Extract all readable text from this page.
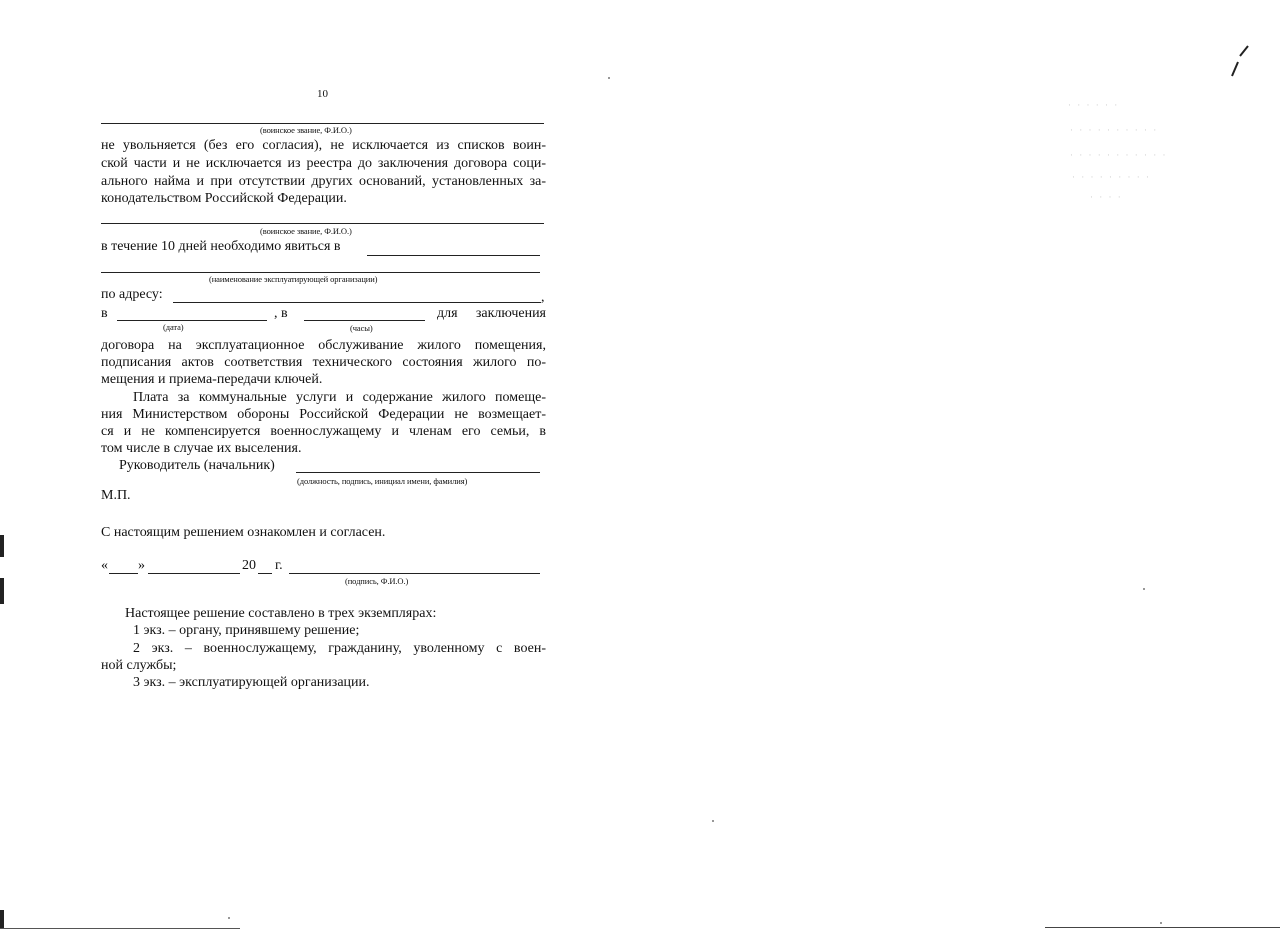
10
(воинское звание, Ф.И.О.)
не увольняется (без его согласия), не исключается из списков воин-
ской части и не исключается из реестра до заключения договора соци-
ального найма и при отсутствии других оснований, установленных за-
конодательством Российской Федерации.
(воинское звание, Ф.И.О.)
в течение 10 дней необходимо явиться в
(наименование эксплуатирующей организации)
по адресу:	,
в	, в	для заключения
(дата)	(часы)
договора на эксплуатационное обслуживание жилого помещения,
подписания актов соответствия технического состояния жилого по-
мещения и приема-передачи ключей.
Плата за коммунальные услуги и содержание жилого помеще-
ния Министерством обороны Российской Федерации не возмещает-
ся и не компенсируется военнослужащему и членам его семьи, в
том числе в случае их выселения.
Руководитель (начальник)
(должность, подпись, инициал имени, фамилия)
М.П.
С настоящим решением ознакомлен и согласен.
« »	20 г.
(подпись, Ф.И.О.)
Настоящее решение составлено в трех экземплярах:
1 экз. – органу, принявшему решение;
2 экз. – военнослужащему, гражданину, уволенному с воен-
ной службы;
3 экз. – эксплуатирующей организации.
· · · · · ·
· · · · · · · · · ·
· · · · · · · · · · ·
· · · · · · · · ·
· · · ·
